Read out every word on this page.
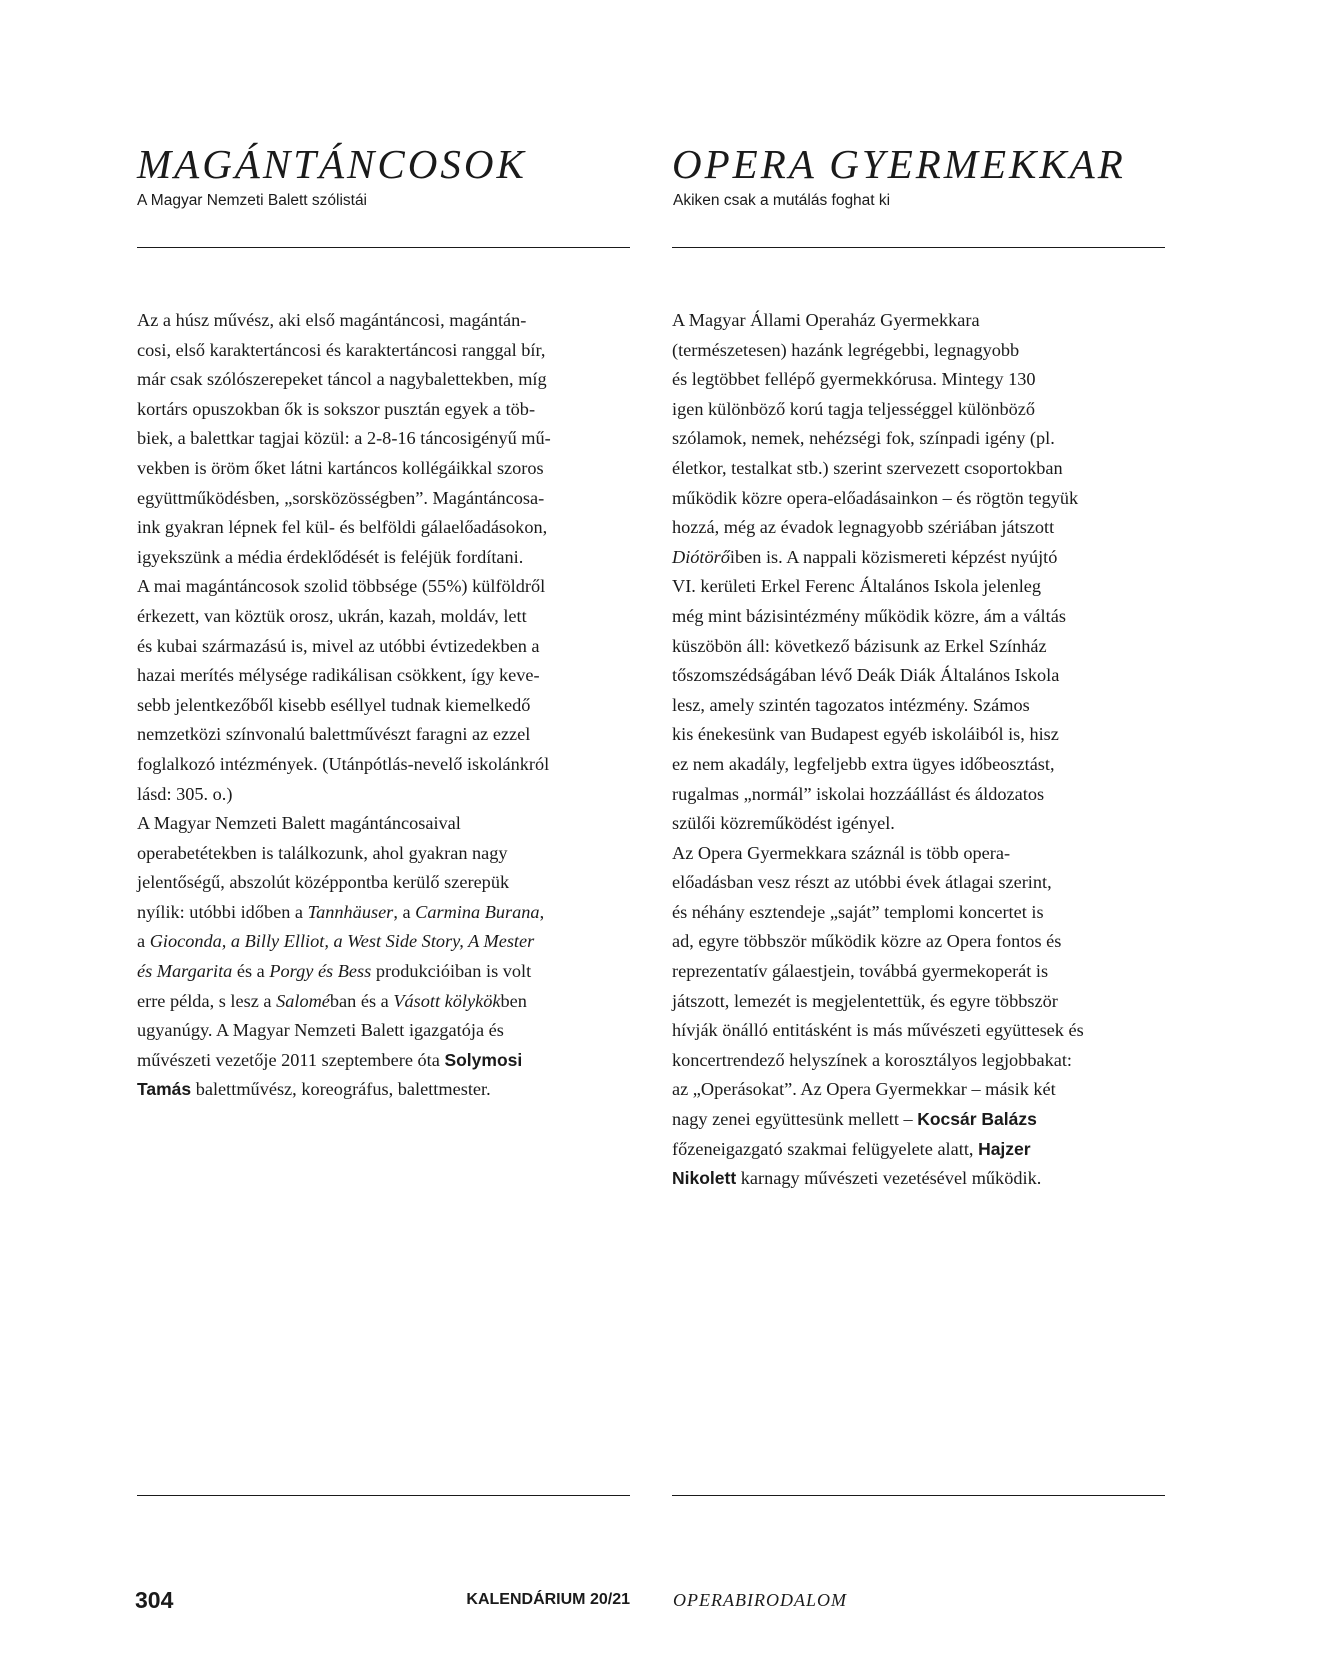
MAGÁNTÁNCOSOK
A Magyar Nemzeti Balett szólistái
Az a húsz művész, aki első magántáncosi, magántán-
cosi, első karaktertáncosi és karaktertáncosi ranggal bír,
már csak szólószerepeket táncol a nagybalettekben, míg
kortárs opuszokban ők is sokszor pusztán egyek a töb-
biek, a balettkar tagjai közül: a 2-8-16 táncosigényű mű-
vekben is öröm őket látni kartáncos kollégáikkal szoros
együttműködésben, „sorsközösségben”. Magántáncosa-
ink gyakran lépnek fel kül- és belföldi gálaelőadásokon,
igyekszünk a média érdeklődését is feléjük fordítani.
A mai magántáncosok szolid többsége (55%) külföldről
érkezett, van köztük orosz, ukrán, kazah, moldáv, lett
és kubai származású is, mivel az utóbbi évtizedekben a
hazai merítés mélysége radikálisan csökkent, így keve-
sebb jelentkezőből kisebb eséllyel tudnak kiemelkedő
nemzetközi színvonalú balettművészt faragni az ezzel
foglalkozó intézmények. (Utánpótlás-nevelő iskolánkról
lásd: 305. o.)
A Magyar Nemzeti Balett magántáncosaival
operabetétekben is találkozunk, ahol gyakran nagy
jelentőségű, abszolút középpontba kerülő szerepük
nyílik: utóbbi időben a Tannhäuser, a Carmina Burana,
a Gioconda, a Billy Elliot, a West Side Story, A Mester
és Margarita és a Porgy és Bess produkcióiban is volt
erre példa, s lesz a Saloméban és a Vásott kölykökben
ugyanúgy. A Magyar Nemzeti Balett igazgatója és
művészeti vezetője 2011 szeptembere óta Solymosi
Tamás balettművész, koreográfus, balettmester.
OPERA GYERMEKKAR
Akiken csak a mutálás foghat ki
A Magyar Állami Operaház Gyermekkara
(természetesen) hazánk legrégebbi, legnagyobb
és legtöbbet fellépő gyermekkórusa. Mintegy 130
igen különböző korú tagja teljességgel különböző
szólamok, nemek, nehézségi fok, színpadi igény (pl.
életkor, testalkat stb.) szerint szervezett csoportokban
működik közre opera-előadásainkon – és rögtön tegyük
hozzá, még az évadok legnagyobb szériában játszott
Diótörőiben is. A nappali közismereti képzést nyújtó
VI. kerületi Erkel Ferenc Általános Iskola jelenleg
még mint bázisintézmény működik közre, ám a váltás
küszöbön áll: következő bázisunk az Erkel Színház
tőszomszédságában lévő Deák Diák Általános Iskola
lesz, amely szintén tagozatos intézmény. Számos
kis énekesünk van Budapest egyéb iskoláiból is, hisz
ez nem akadály, legfeljebb extra ügyes időbeosztást,
rugalmas „normál” iskolai hozzáállást és áldozatos
szülői közreműködést igényel.
Az Opera Gyermekkara száznál is több opera-
előadásban vesz részt az utóbbi évek átlagai szerint,
és néhány esztendeje „saját” templomi koncertet is
ad, egyre többször működik közre az Opera fontos és
reprezentatív gálaestjein, továbbá gyermekoperát is
játszott, lemezét is megjelentettük, és egyre többször
hívják önálló entitásként is más művészeti együttesek és
koncertrendező helyszínek a korosztályos legjobbakat:
az „Operásokat”. Az Opera Gyermekkar – másik két
nagy zenei együttesünk mellett – Kocsár Balázs
főzeneigazgató szakmai felügyelete alatt, Hajzer
Nikolett karnagy művészeti vezetésével működik.
304	KALENDÁRIUM 20/21 OPERABIRODALOM
